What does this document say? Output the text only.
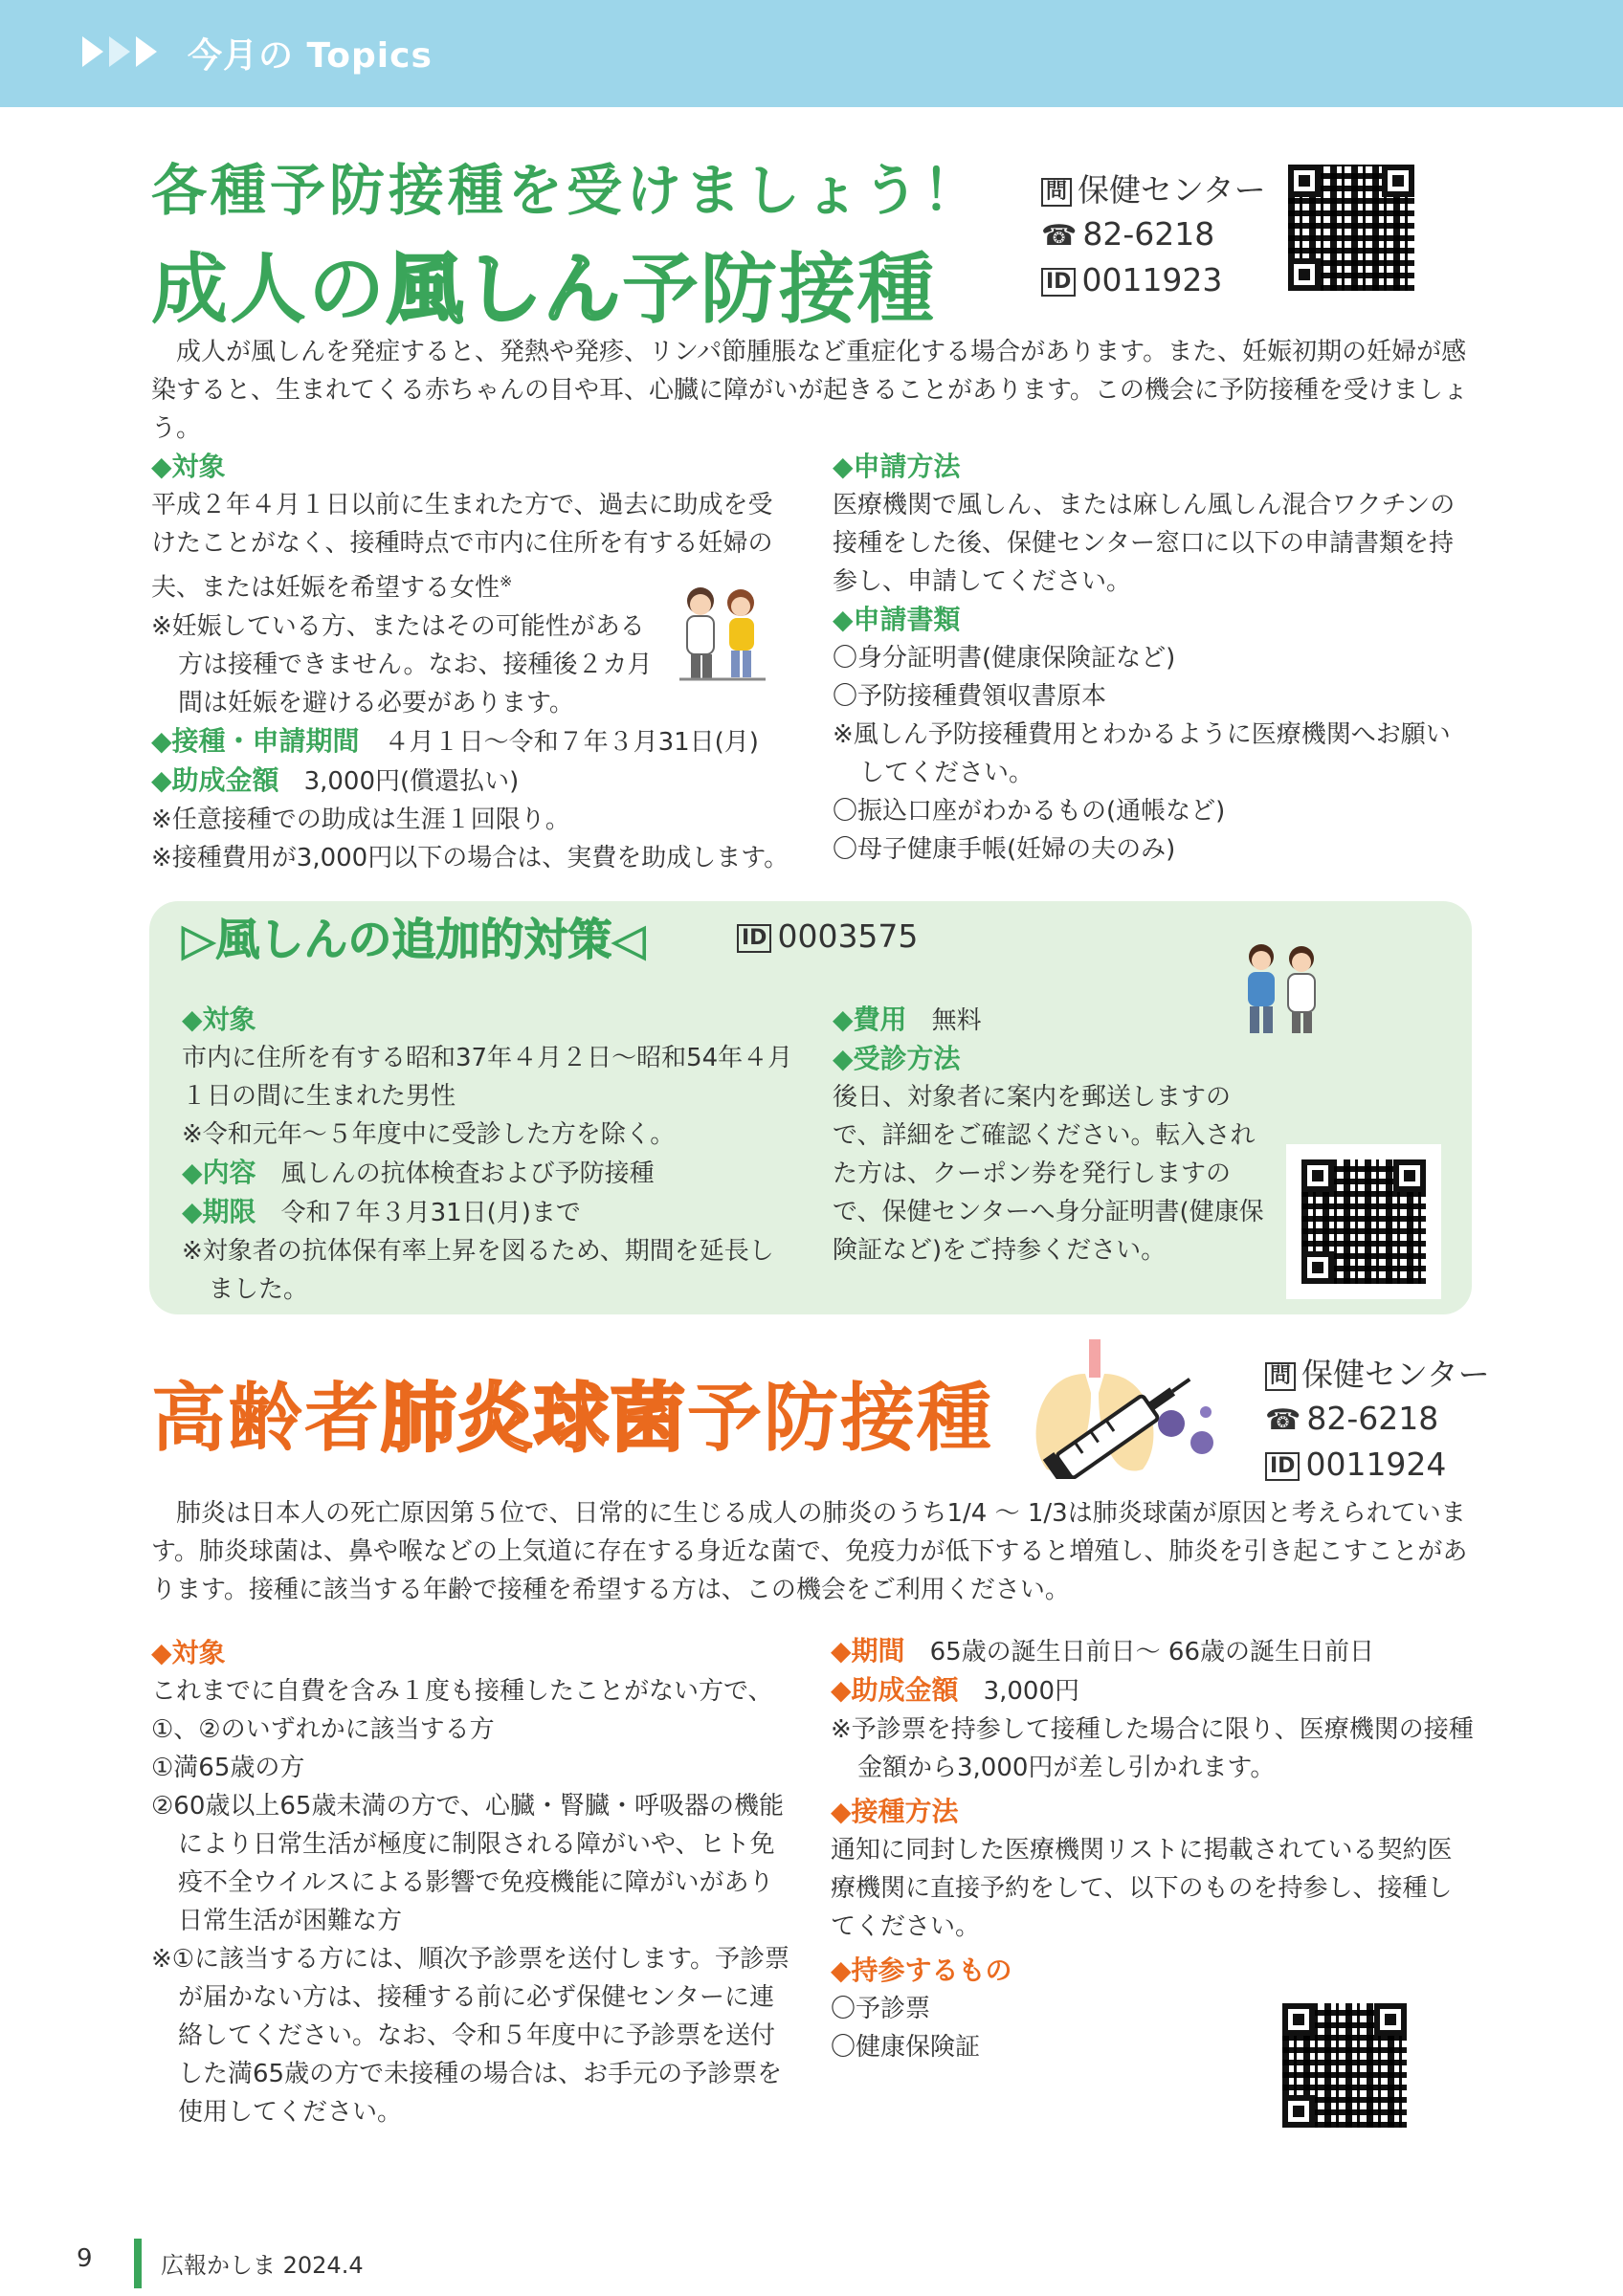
今月の Topics
各種予防接種を受けましょう！
成人の風しん予防接種
問 保健センター
☎ 82-6218
ID 0011923
成人が風しんを発症すると、発熱や発疹、リンパ節腫脹など重症化する場合があります。また、妊娠初期の妊婦が感染すると、生まれてくる赤ちゃんの目や耳、心臓に障がいが起きることがあります。この機会に予防接種を受けましょう。
◆対象
平成２年４月１日以前に生まれた方で、過去に助成を受けたことがなく、接種時点で市内に住所を有する妊婦の夫、または妊娠を希望する女性※
※妊娠している方、またはその可能性がある方は接種できません。なお、接種後２カ月間は妊娠を避ける必要があります。
◆接種・申請期間　 ４月１日〜令和７年３月31日(月)
◆助成金額　 3,000円(償還払い)
※任意接種での助成は生涯１回限り。
※接種費用が3,000円以下の場合は、実費を助成します。
◆申請方法
医療機関で風しん、または麻しん風しん混合ワクチンの接種をした後、保健センター窓口に以下の申請書類を持参し、申請してください。
◆申請書類
〇身分証明書(健康保険証など)
〇予防接種費領収書原本
※風しん予防接種費用とわかるように医療機関へお願いしてください。
〇振込口座がわかるもの(通帳など)
〇母子健康手帳(妊婦の夫のみ)
▷風しんの追加的対策◁	ID 0003575
◆対象
市内に住所を有する昭和37年４月２日〜昭和54年４月１日の間に生まれた男性
※令和元年〜５年度中に受診した方を除く。
◆内容　 風しんの抗体検査および予防接種
◆期限　 令和７年３月31日(月)まで
※対象者の抗体保有率上昇を図るため、期間を延長しました。
◆費用　 無料
◆受診方法
後日、対象者に案内を郵送しますので、詳細をご確認ください。転入された方は、クーポン券を発行しますので、保健センターへ身分証明書(健康保険証など)をご持参ください。
高齢者肺炎球菌予防接種	問 保健センター
☎ 82-6218
ID 0011924
肺炎は日本人の死亡原因第５位で、日常的に生じる成人の肺炎のうち1/4 〜 1/3は肺炎球菌が原因と考えられています。肺炎球菌は、鼻や喉などの上気道に存在する身近な菌で、免疫力が低下すると増殖し、肺炎を引き起こすことがあります。接種に該当する年齢で接種を希望する方は、この機会をご利用ください。
◆対象
これまでに自費を含み１度も接種したことがない方で、
①、②のいずれかに該当する方
①満65歳の方
②60歳以上65歳未満の方で、心臓・腎臓・呼吸器の機能により日常生活が極度に制限される障がいや、ヒト免疫不全ウイルスによる影響で免疫機能に障がいがあり日常生活が困難な方
※①に該当する方には、順次予診票を送付します。予診票が届かない方は、接種する前に必ず保健センターに連絡してください。なお、令和５年度中に予診票を送付した満65歳の方で未接種の場合は、お手元の予診票を使用してください。
◆期間　 65歳の誕生日前日〜 66歳の誕生日前日
◆助成金額　 3,000円
※予診票を持参して接種した場合に限り、医療機関の接種金額から3,000円が差し引かれます。
◆接種方法
通知に同封した医療機関リストに掲載されている契約医療機関に直接予約をして、以下のものを持参し、接種してください。
◆持参するもの
〇予診票
〇健康保険証
9	広報かしま 2024.4
